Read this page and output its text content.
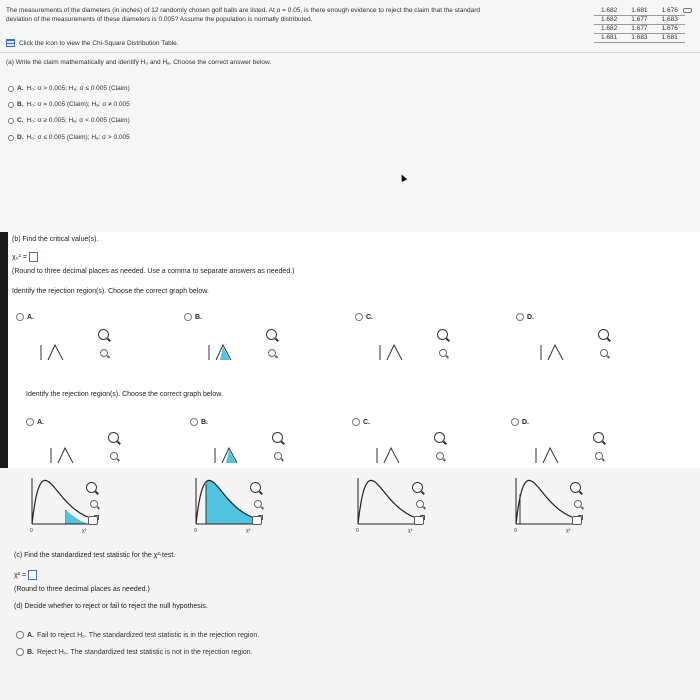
The measurements of the diameters (in inches) of 12 randomly chosen golf balls are listed. At α = 0.05, is there enough evidence to reject the claim that the standard
deviation of the measurements of these diameters is 0.005? Assume the population is normally distributed.
1.682	1.681	1.676
1.682	1.677	1.683
1.682	1.677	1.676
1.681	1.683	1.681
Click the icon to view the Chi-Square Distribution Table.
(a) Write the claim mathematically and identify H₀ and Hₐ. Choose the correct answer below.
A. H₀: σ > 0.005; Hₐ: σ ≤ 0.005 (Claim)
B. H₀: σ = 0.005 (Claim); Hₐ: σ ≠ 0.005
C. H₀: σ ≥ 0.005; Hₐ: σ < 0.005 (Claim)
D. H₀: σ ≤ 0.005 (Claim); Hₐ: σ > 0.005
(b) Find the critical value(s).
χ₀² =
(Round to three decimal places as needed. Use a comma to separate answers as needed.)
Identify the rejection region(s). Choose the correct graph below.
A.	B.	C.	D.
A.	B.	C.	D.
Identify the rejection region(s). Choose the correct graph below.
0	χ²	0	χ²	0	χ²	0	χ²
(c) Find the standardized test statistic for the χ²-test.
χ² =
(Round to three decimal places as needed.)
(d) Decide whether to reject or fail to reject the null hypothesis.
A. Fail to reject H₀. The standardized test statistic is in the rejection region.
B. Reject H₀. The standardized test statistic is not in the rejection region.
